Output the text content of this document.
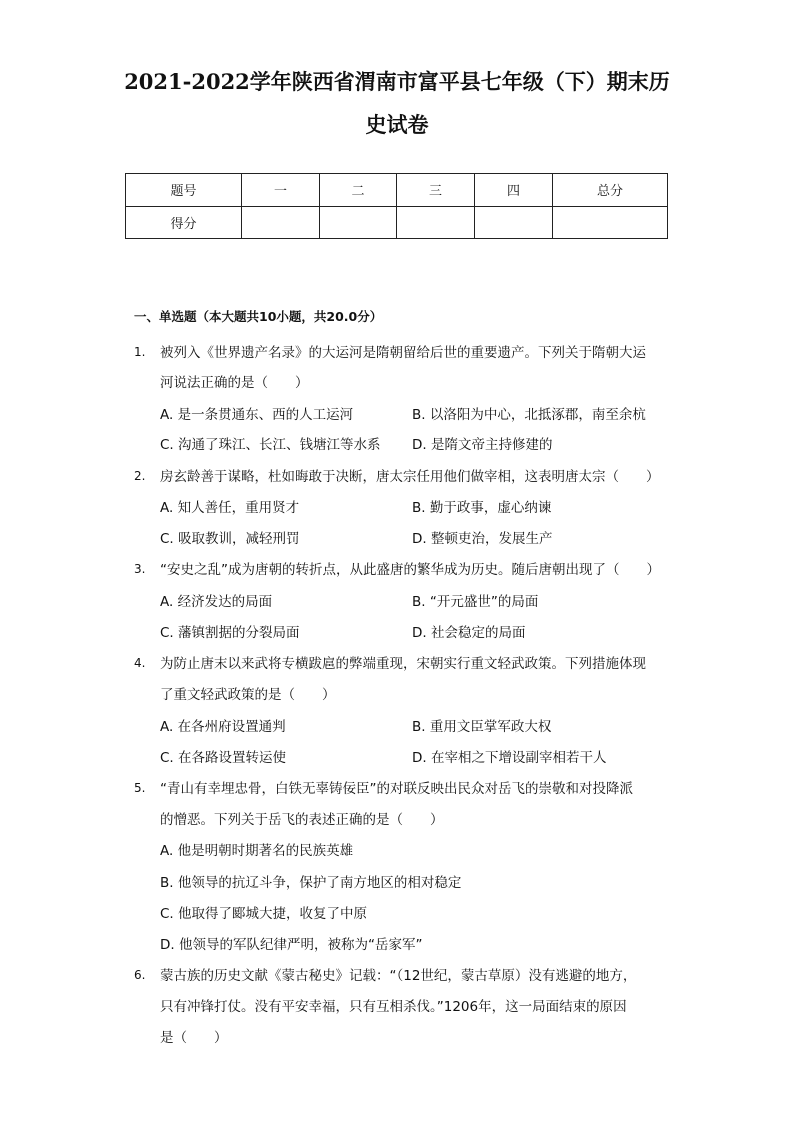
2021-2022学年陕西省渭南市富平县七年级（下）期末历
史试卷
题号	一	二	三	四	总分
得分					
一、单选题（本大题共10小题，共20.0分）
1.	被列入《世界遗产名录》的大运河是隋朝留给后世的重要遗产。下列关于隋朝大运
河说法正确的是（　　）
A. 是一条贯通东、西的人工运河	B. 以洛阳为中心，北抵涿郡，南至余杭
C. 沟通了珠江、长江、钱塘江等水系 D. 是隋文帝主持修建的
2.	房玄龄善于谋略，杜如晦敢于决断，唐太宗任用他们做宰相，这表明唐太宗（　　）
A. 知人善任，重用贤才	B. 勤于政事，虚心纳谏
C. 吸取教训，减轻刑罚	D. 整顿吏治，发展生产
3.	“安史之乱”成为唐朝的转折点，从此盛唐的繁华成为历史。随后唐朝出现了（　　）
A. 经济发达的局面	B. “开元盛世”的局面
C. 藩镇割据的分裂局面	D. 社会稳定的局面
4.	为防止唐末以来武将专横跋扈的弊端重现，宋朝实行重文轻武政策。下列措施体现
了重文轻武政策的是（　　）
A. 在各州府设置通判	B. 重用文臣掌军政大权
C. 在各路设置转运使	D. 在宰相之下增设副宰相若干人
5.	“青山有幸埋忠骨，白铁无辜铸佞臣”的对联反映出民众对岳飞的崇敬和对投降派
的憎恶。下列关于岳飞的表述正确的是（　　）
A. 他是明朝时期著名的民族英雄
B. 他领导的抗辽斗争，保护了南方地区的相对稳定
C. 他取得了郾城大捷，收复了中原
D. 他领导的军队纪律严明，被称为“岳家军”
6.	蒙古族的历史文献《蒙古秘史》记载：“（12世纪，蒙古草原）没有逃避的地方，
只有冲锋打仗。没有平安幸福，只有互相杀伐。”1206年，这一局面结束的原因
是（　　）
